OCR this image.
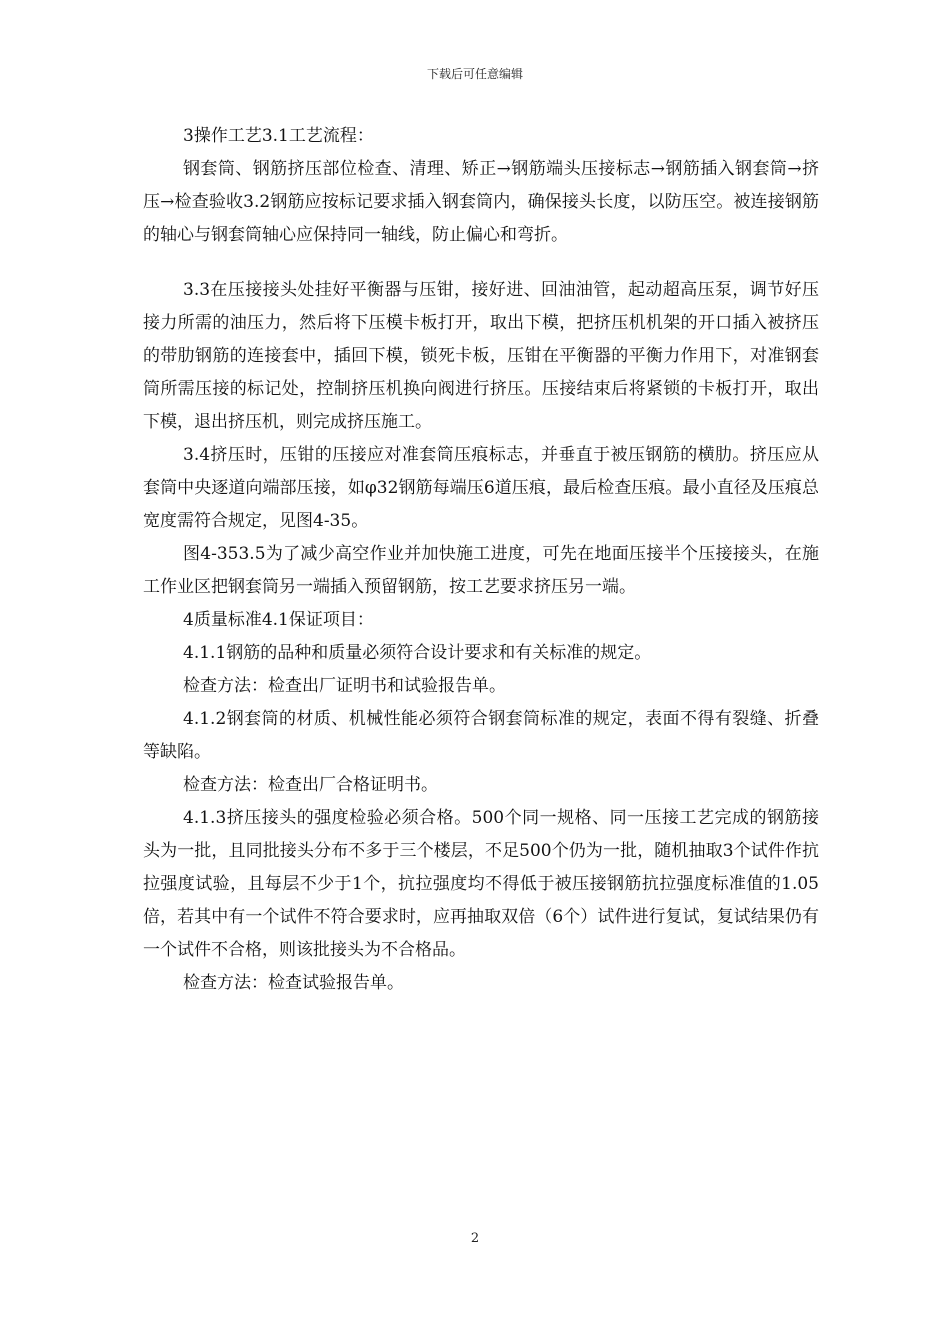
下载后可任意编辑

3操作工艺3.1工艺流程：

钢套筒、钢筋挤压部位检查、清理、矫正→钢筋端头压接标志→钢筋插入钢套筒→挤压→检查验收3.2钢筋应按标记要求插入钢套筒内，确保接头长度，以防压空。被连接钢筋的轴心与钢套筒轴心应保持同一轴线，防止偏心和弯折。

3.3在压接接头处挂好平衡器与压钳，接好进、回油油管，起动超高压泵，调节好压接力所需的油压力，然后将下压模卡板打开，取出下模，把挤压机机架的开口插入被挤压的带肋钢筋的连接套中，插回下模，锁死卡板，压钳在平衡器的平衡力作用下，对准钢套筒所需压接的标记处，控制挤压机换向阀进行挤压。压接结束后将紧锁的卡板打开，取出下模，退出挤压机，则完成挤压施工。

3.4挤压时，压钳的压接应对准套筒压痕标志，并垂直于被压钢筋的横肋。挤压应从套筒中央逐道向端部压接，如φ32钢筋每端压6道压痕，最后检查压痕。最小直径及压痕总宽度需符合规定，见图4-35。

图4-353.5为了减少高空作业并加快施工进度，可先在地面压接半个压接接头，在施工作业区把钢套筒另一端插入预留钢筋，按工艺要求挤压另一端。

4质量标准4.1保证项目：

4.1.1钢筋的品种和质量必须符合设计要求和有关标准的规定。

检查方法：检查出厂证明书和试验报告单。

4.1.2钢套筒的材质、机械性能必须符合钢套筒标准的规定，表面不得有裂缝、折叠等缺陷。

检查方法：检查出厂合格证明书。

4.1.3挤压接头的强度检验必须合格。500个同一规格、同一压接工艺完成的钢筋接头为一批，且同批接头分布不多于三个楼层，不足500个仍为一批，随机抽取3个试件作抗拉强度试验，且每层不少于1个，抗拉强度均不得低于被压接钢筋抗拉强度标准值的1.05倍，若其中有一个试件不符合要求时，应再抽取双倍（6个）试件进行复试，复试结果仍有一个试件不合格，则该批接头为不合格品。

检查方法：检查试验报告单。

2
